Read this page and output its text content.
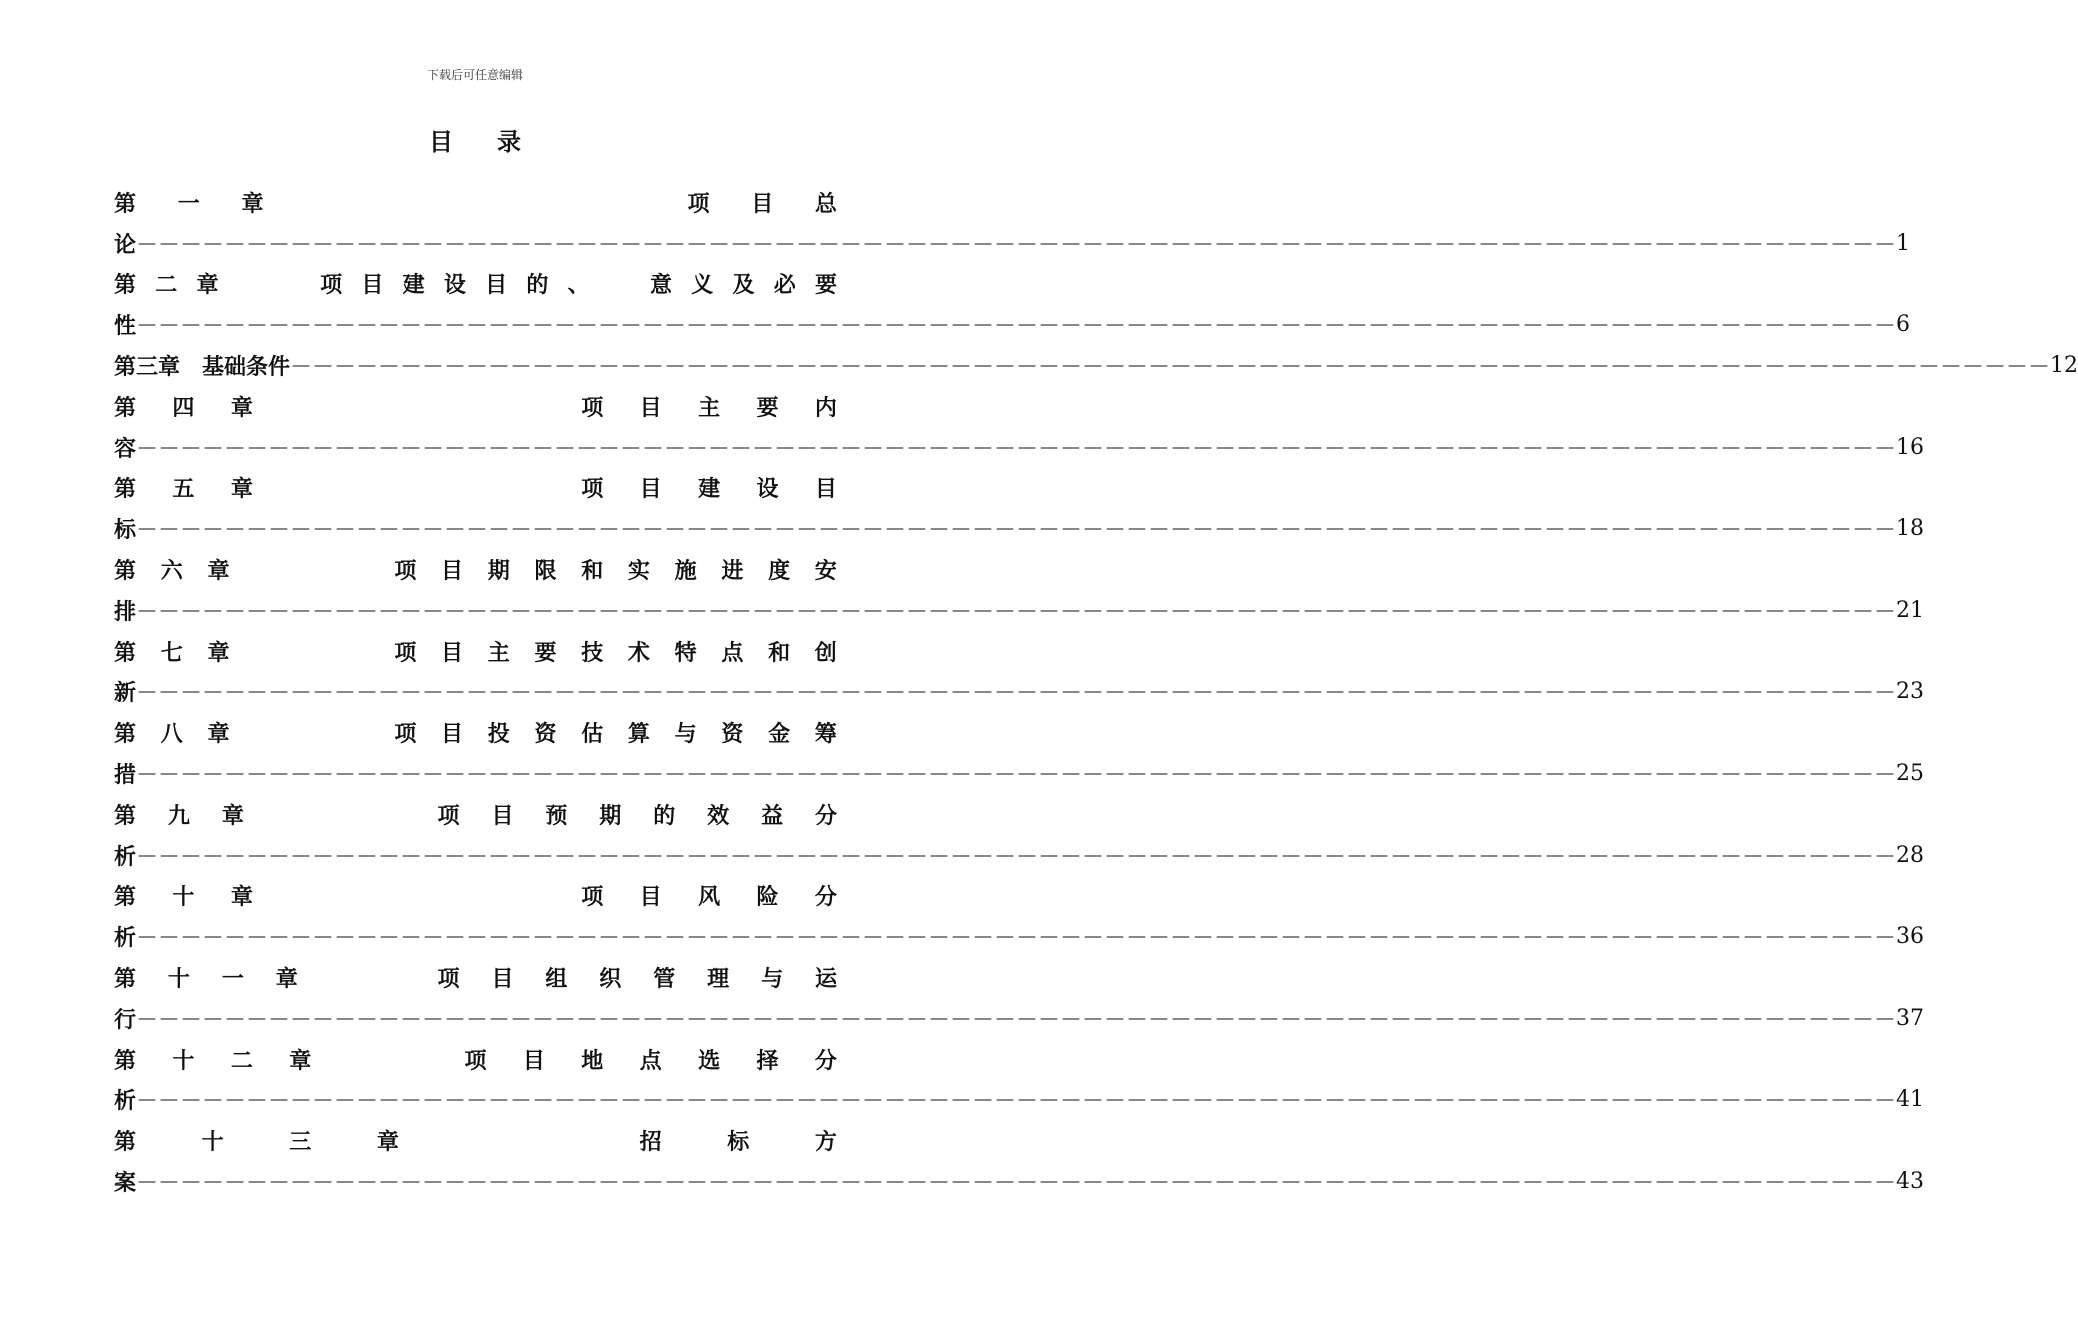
下载后可任意编辑
目 录
第 一 章	项 目 总
论 －－－－－－－－－－－－－－－－－－－－－－－－－－－－－－－－－－－－－－－－－－－－－－－－－－－－－－－－－－－－－－－－－－－－－－－－－－－－－－－－ 1
第 二 章	项 目 建 设 目 的 、	意 义 及 必 要
性 －－－－－－－－－－－－－－－－－－－－－－－－－－－－－－－－－－－－－－－－－－－－－－－－－－－－－－－－－－－－－－－－－－－－－－－－－－－－－－－－ 6
第三章　基础条件 －－－－－－－－－－－－－－－－－－－－－－－－－－－－－－－－－－－－－－－－－－－－－－－－－－－－－－－－－－－－－－－－－－－－－－－－－－－－－－－－ 12
第 四 章	项 目 主 要 内
容 －－－－－－－－－－－－－－－－－－－－－－－－－－－－－－－－－－－－－－－－－－－－－－－－－－－－－－－－－－－－－－－－－－－－－－－－－－－－－－－－ 16
第 五 章	项 目 建 设 目
标 －－－－－－－－－－－－－－－－－－－－－－－－－－－－－－－－－－－－－－－－－－－－－－－－－－－－－－－－－－－－－－－－－－－－－－－－－－－－－－－－ 18
第 六 章	项 目 期 限 和 实 施 进 度 安
排 －－－－－－－－－－－－－－－－－－－－－－－－－－－－－－－－－－－－－－－－－－－－－－－－－－－－－－－－－－－－－－－－－－－－－－－－－－－－－－－－ 21
第 七 章	项 目 主 要 技 术 特 点 和 创
新 －－－－－－－－－－－－－－－－－－－－－－－－－－－－－－－－－－－－－－－－－－－－－－－－－－－－－－－－－－－－－－－－－－－－－－－－－－－－－－－－ 23
第 八 章	项 目 投 资 估 算 与 资 金 筹
措 －－－－－－－－－－－－－－－－－－－－－－－－－－－－－－－－－－－－－－－－－－－－－－－－－－－－－－－－－－－－－－－－－－－－－－－－－－－－－－－－ 25
第 九 章	项 目 预 期 的 效 益 分
析 －－－－－－－－－－－－－－－－－－－－－－－－－－－－－－－－－－－－－－－－－－－－－－－－－－－－－－－－－－－－－－－－－－－－－－－－－－－－－－－－ 28
第 十 章	项 目 风 险 分
析 －－－－－－－－－－－－－－－－－－－－－－－－－－－－－－－－－－－－－－－－－－－－－－－－－－－－－－－－－－－－－－－－－－－－－－－－－－－－－－－－ 36
第 十 一 章	项 目 组 织 管 理 与 运
行 －－－－－－－－－－－－－－－－－－－－－－－－－－－－－－－－－－－－－－－－－－－－－－－－－－－－－－－－－－－－－－－－－－－－－－－－－－－－－－－－ 37
第 十 二 章	项 目 地 点 选 择 分
析 －－－－－－－－－－－－－－－－－－－－－－－－－－－－－－－－－－－－－－－－－－－－－－－－－－－－－－－－－－－－－－－－－－－－－－－－－－－－－－－－ 41
第	十	三	章	招	标	方
案 －－－－－－－－－－－－－－－－－－－－－－－－－－－－－－－－－－－－－－－－－－－－－－－－－－－－－－－－－－－－－－－－－－－－－－－－－－－－－－－－ 43
